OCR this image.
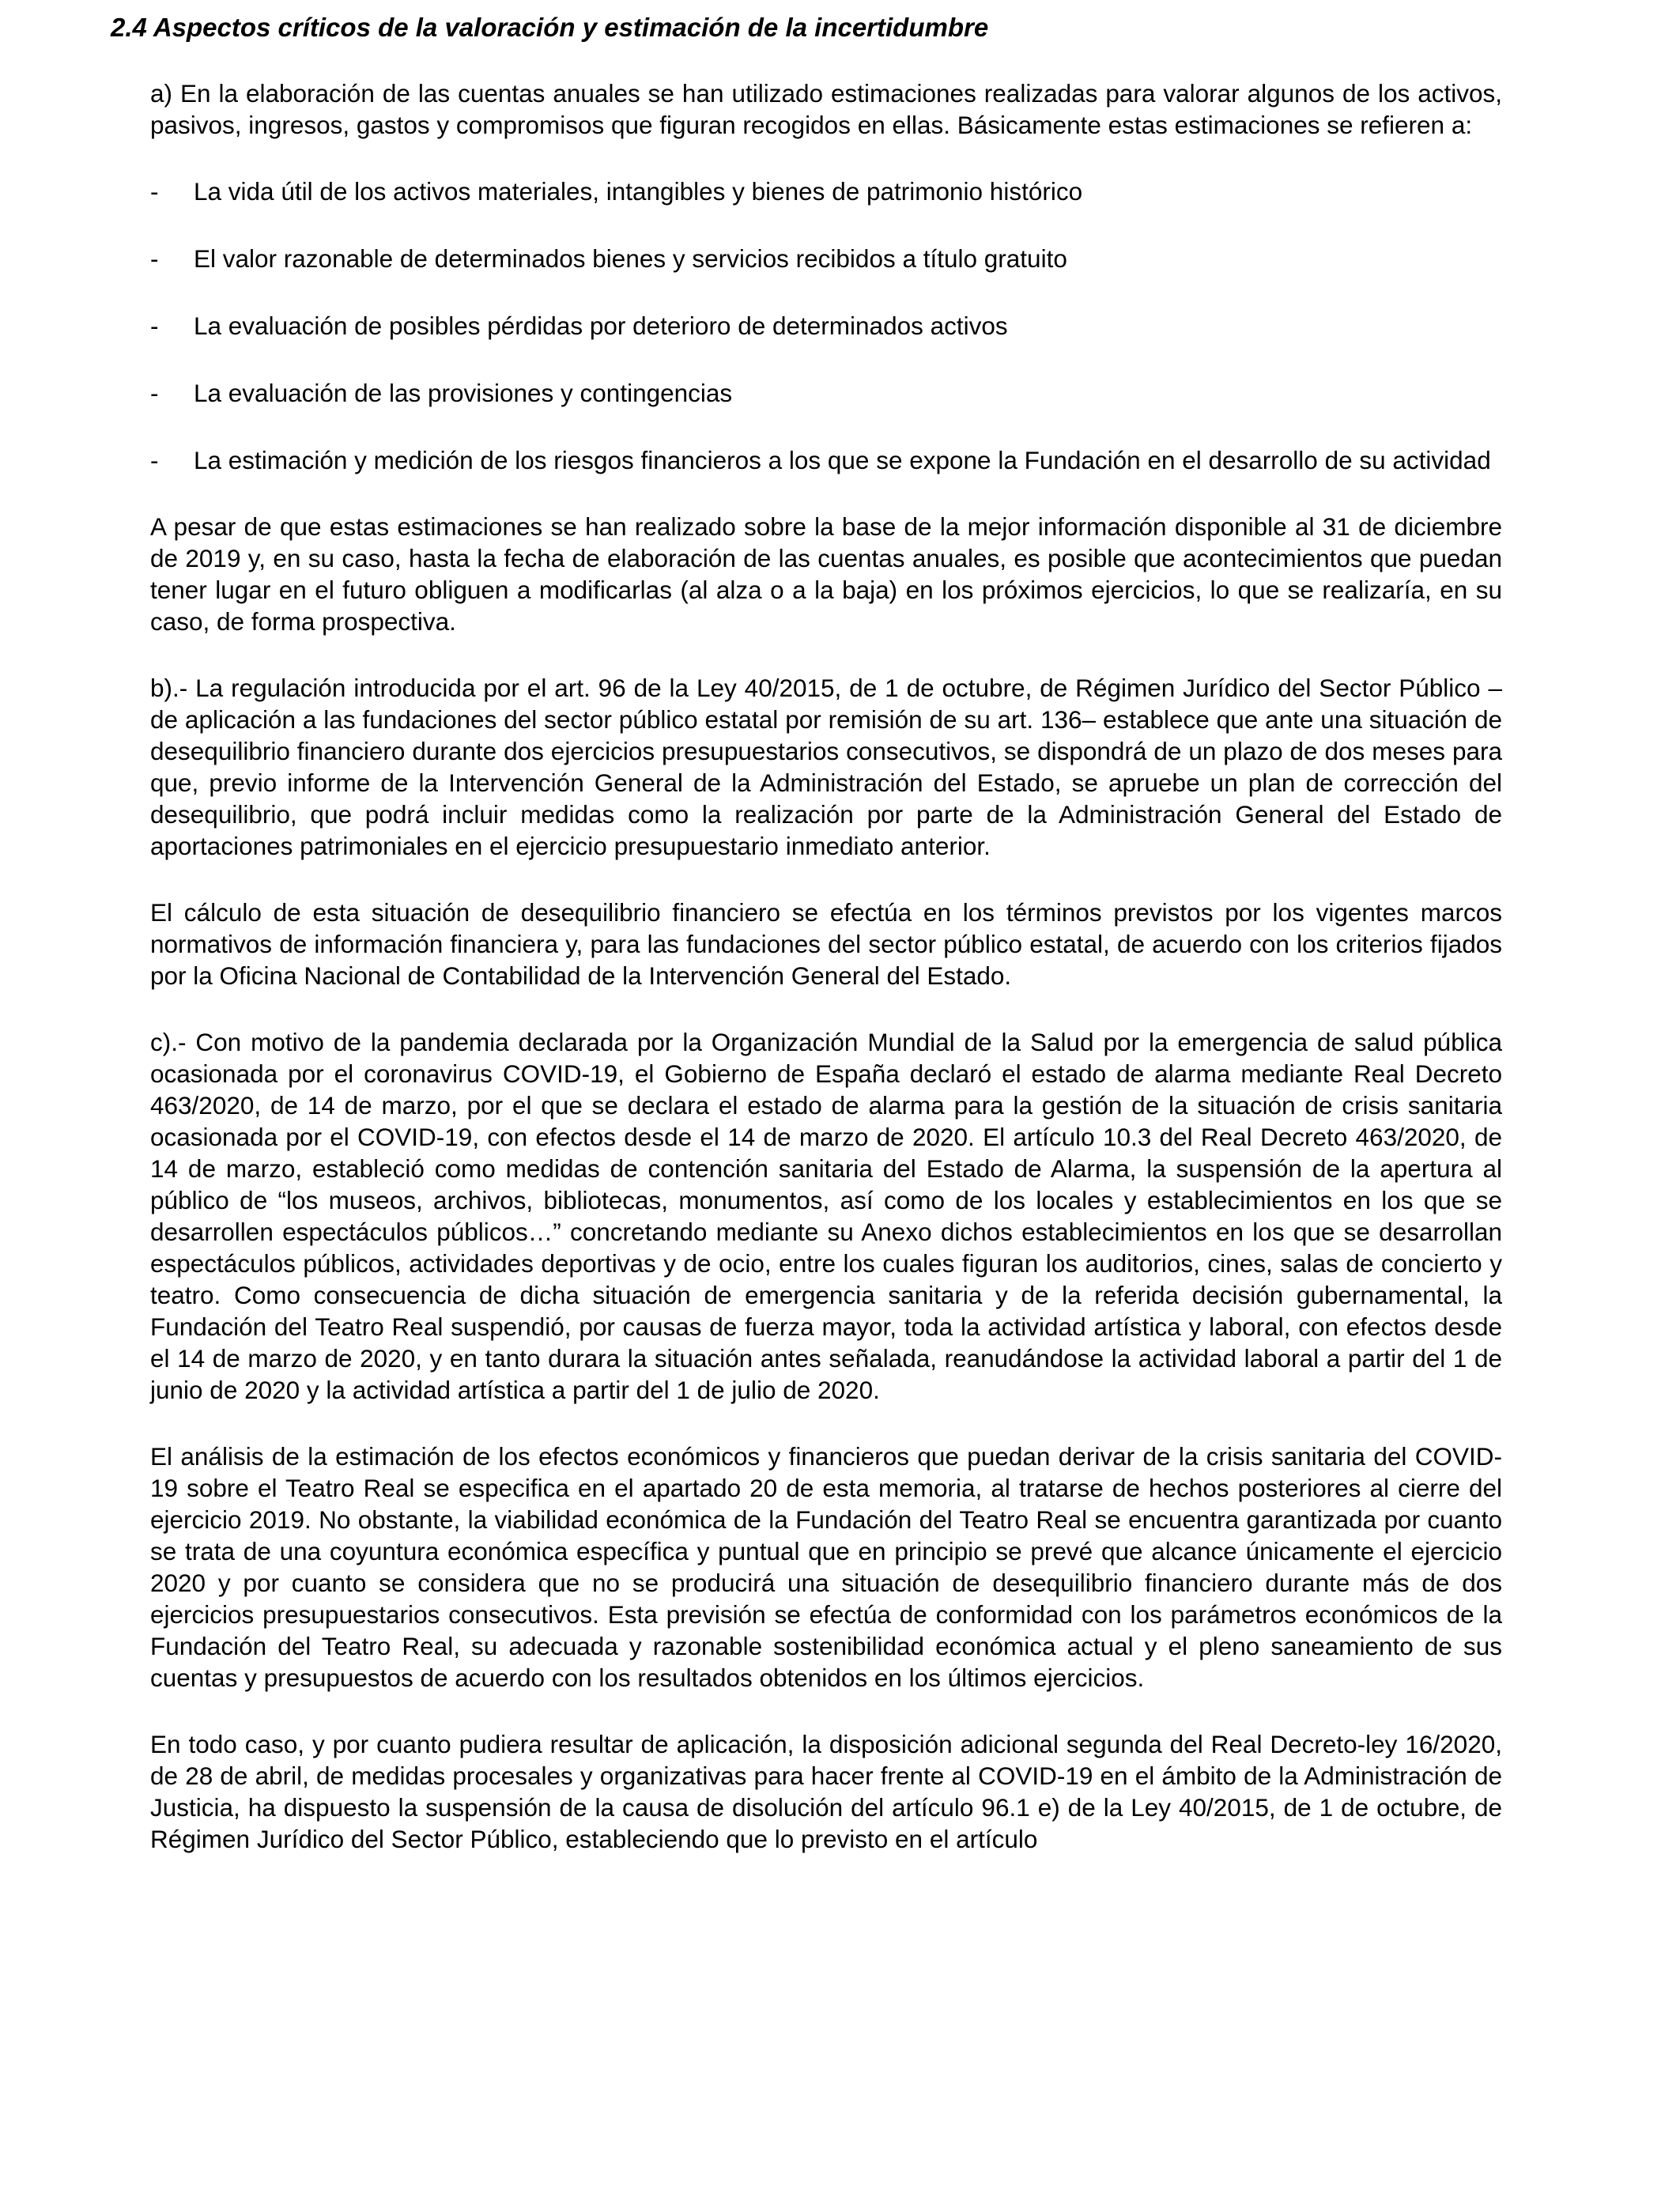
2.4 Aspectos críticos de la valoración y estimación de la incertidumbre

a) En la elaboración de las cuentas anuales se han utilizado estimaciones realizadas para valorar algunos de los activos, pasivos, ingresos, gastos y compromisos que figuran recogidos en ellas. Básicamente estas estimaciones se refieren a:

- La vida útil de los activos materiales, intangibles y bienes de patrimonio histórico
- El valor razonable de determinados bienes y servicios recibidos a título gratuito
- La evaluación de posibles pérdidas por deterioro de determinados activos
- La evaluación de las provisiones y contingencias
- La estimación y medición de los riesgos financieros a los que se expone la Fundación en el desarrollo de su actividad

A pesar de que estas estimaciones se han realizado sobre la base de la mejor información disponible al 31 de diciembre de 2019 y, en su caso, hasta la fecha de elaboración de las cuentas anuales, es posible que acontecimientos que puedan tener lugar en el futuro obliguen a modificarlas (al alza o a la baja) en los próximos ejercicios, lo que se realizaría, en su caso, de forma prospectiva.

b).- La regulación introducida por el art. 96 de la Ley 40/2015, de 1 de octubre, de Régimen Jurídico del Sector Público –de aplicación a las fundaciones del sector público estatal por remisión de su art. 136– establece que ante una situación de desequilibrio financiero durante dos ejercicios presupuestarios consecutivos, se dispondrá de un plazo de dos meses para que, previo informe de la Intervención General de la Administración del Estado, se apruebe un plan de corrección del desequilibrio, que podrá incluir medidas como la realización por parte de la Administración General del Estado de aportaciones patrimoniales en el ejercicio presupuestario inmediato anterior.

El cálculo de esta situación de desequilibrio financiero se efectúa en los términos previstos por los vigentes marcos normativos de información financiera y, para las fundaciones del sector público estatal, de acuerdo con los criterios fijados por la Oficina Nacional de Contabilidad de la Intervención General del Estado.

c).- Con motivo de la pandemia declarada por la Organización Mundial de la Salud por la emergencia de salud pública ocasionada por el coronavirus COVID-19, el Gobierno de España declaró el estado de alarma mediante Real Decreto 463/2020, de 14 de marzo, por el que se declara el estado de alarma para la gestión de la situación de crisis sanitaria ocasionada por el COVID-19, con efectos desde el 14 de marzo de 2020. El artículo 10.3 del Real Decreto 463/2020, de 14 de marzo, estableció como medidas de contención sanitaria del Estado de Alarma, la suspensión de la apertura al público de “los museos, archivos, bibliotecas, monumentos, así como de los locales y establecimientos en los que se desarrollen espectáculos públicos…” concretando mediante su Anexo dichos establecimientos en los que se desarrollan espectáculos públicos, actividades deportivas y de ocio, entre los cuales figuran los auditorios, cines, salas de concierto y teatro. Como consecuencia de dicha situación de emergencia sanitaria y de la referida decisión gubernamental, la Fundación del Teatro Real suspendió, por causas de fuerza mayor, toda la actividad artística y laboral, con efectos desde el 14 de marzo de 2020, y en tanto durara la situación antes señalada, reanudándose la actividad laboral a partir del 1 de junio de 2020 y la actividad artística a partir del 1 de julio de 2020.

El análisis de la estimación de los efectos económicos y financieros que puedan derivar de la crisis sanitaria del COVID-19 sobre el Teatro Real se especifica en el apartado 20 de esta memoria, al tratarse de hechos posteriores al cierre del ejercicio 2019. No obstante, la viabilidad económica de la Fundación del Teatro Real se encuentra garantizada por cuanto se trata de una coyuntura económica específica y puntual que en principio se prevé que alcance únicamente el ejercicio 2020 y por cuanto se considera que no se producirá una situación de desequilibrio financiero durante más de dos ejercicios presupuestarios consecutivos. Esta previsión se efectúa de conformidad con los parámetros económicos de la Fundación del Teatro Real, su adecuada y razonable sostenibilidad económica actual y el pleno saneamiento de sus cuentas y presupuestos de acuerdo con los resultados obtenidos en los últimos ejercicios.

En todo caso, y por cuanto pudiera resultar de aplicación, la disposición adicional segunda del Real Decreto-ley 16/2020, de 28 de abril, de medidas procesales y organizativas para hacer frente al COVID-19 en el ámbito de la Administración de Justicia, ha dispuesto la suspensión de la causa de disolución del artículo 96.1 e) de la Ley 40/2015, de 1 de octubre, de Régimen Jurídico del Sector Público, estableciendo que lo previsto en el artículo
